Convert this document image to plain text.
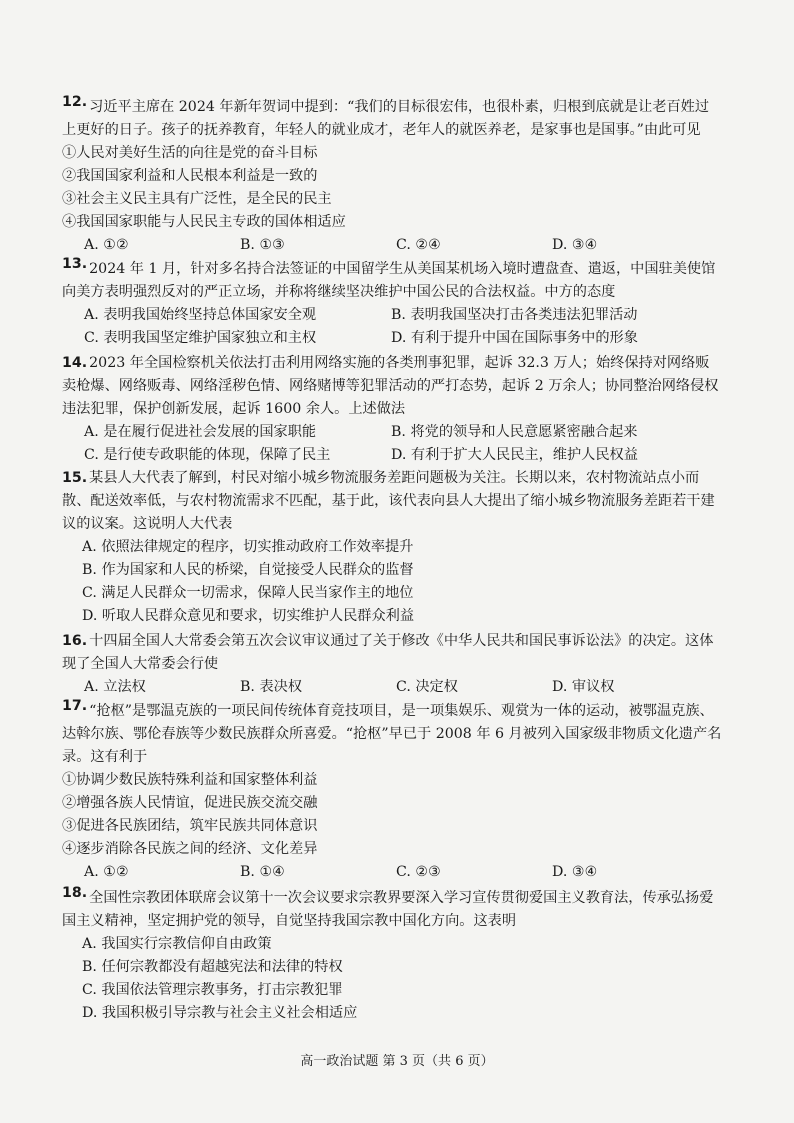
12. 习近平主席在 2024 年新年贺词中提到：“我们的目标很宏伟，也很朴素，归根到底就是让老百姓过上更好的日子。孩子的抚养教育，年轻人的就业成才，老年人的就医养老，是家事也是国事。”由此可见

①人民对美好生活的向往是党的奋斗目标

②我国国家利益和人民根本利益是一致的

③社会主义民主具有广泛性，是全民的民主

④我国国家职能与人民民主专政的国体相适应

A. ①②	B. ①③	C. ②④	D. ③④

13. 2024 年 1 月，针对多名持合法签证的中国留学生从美国某机场入境时遭盘查、遣返，中国驻美使馆向美方表明强烈反对的严正立场，并称将继续坚决维护中国公民的合法权益。中方的态度

A. 表明我国始终坚持总体国家安全观	B. 表明我国坚决打击各类违法犯罪活动
C. 表明我国坚定维护国家独立和主权	D. 有利于提升中国在国际事务中的形象

14. 2023 年全国检察机关依法打击利用网络实施的各类刑事犯罪，起诉 32.3 万人；始终保持对网络贩卖枪爆、网络贩毒、网络淫秽色情、网络赌博等犯罪活动的严打态势，起诉 2 万余人；协同整治网络侵权违法犯罪，保护创新发展，起诉 1600 余人。上述做法

A. 是在履行促进社会发展的国家职能	B. 将党的领导和人民意愿紧密融合起来
C. 是行使专政职能的体现，保障了民主	D. 有利于扩大人民民主，维护人民权益

15. 某县人大代表了解到，村民对缩小城乡物流服务差距问题极为关注。长期以来，农村物流站点小而散、配送效率低，与农村物流需求不匹配，基于此，该代表向县人大提出了缩小城乡物流服务差距若干建议的议案。这说明人大代表

A. 依照法律规定的程序，切实推动政府工作效率提升

B. 作为国家和人民的桥梁，自觉接受人民群众的监督

C. 满足人民群众一切需求，保障人民当家作主的地位

D. 听取人民群众意见和要求，切实维护人民群众利益

16. 十四届全国人大常委会第五次会议审议通过了关于修改《中华人民共和国民事诉讼法》的决定。这体现了全国人大常委会行使

A. 立法权	B. 表决权	C. 决定权	D. 审议权

17. “抢枢”是鄂温克族的一项民间传统体育竞技项目，是一项集娱乐、观赏为一体的运动，被鄂温克族、达斡尔族、鄂伦春族等少数民族群众所喜爱。“抢枢”早已于 2008 年 6 月被列入国家级非物质文化遗产名录。这有利于

①协调少数民族特殊利益和国家整体利益

②增强各族人民情谊，促进民族交流交融

③促进各民族团结，筑牢民族共同体意识

④逐步消除各民族之间的经济、文化差异

A. ①②	B. ①④	C. ②③	D. ③④

18. 全国性宗教团体联席会议第十一次会议要求宗教界要深入学习宣传贯彻爱国主义教育法，传承弘扬爱国主义精神，坚定拥护党的领导，自觉坚持我国宗教中国化方向。这表明

A. 我国实行宗教信仰自由政策

B. 任何宗教都没有超越宪法和法律的特权

C. 我国依法管理宗教事务，打击宗教犯罪

D. 我国积极引导宗教与社会主义社会相适应

高一政治试题 第 3 页（共 6 页）
